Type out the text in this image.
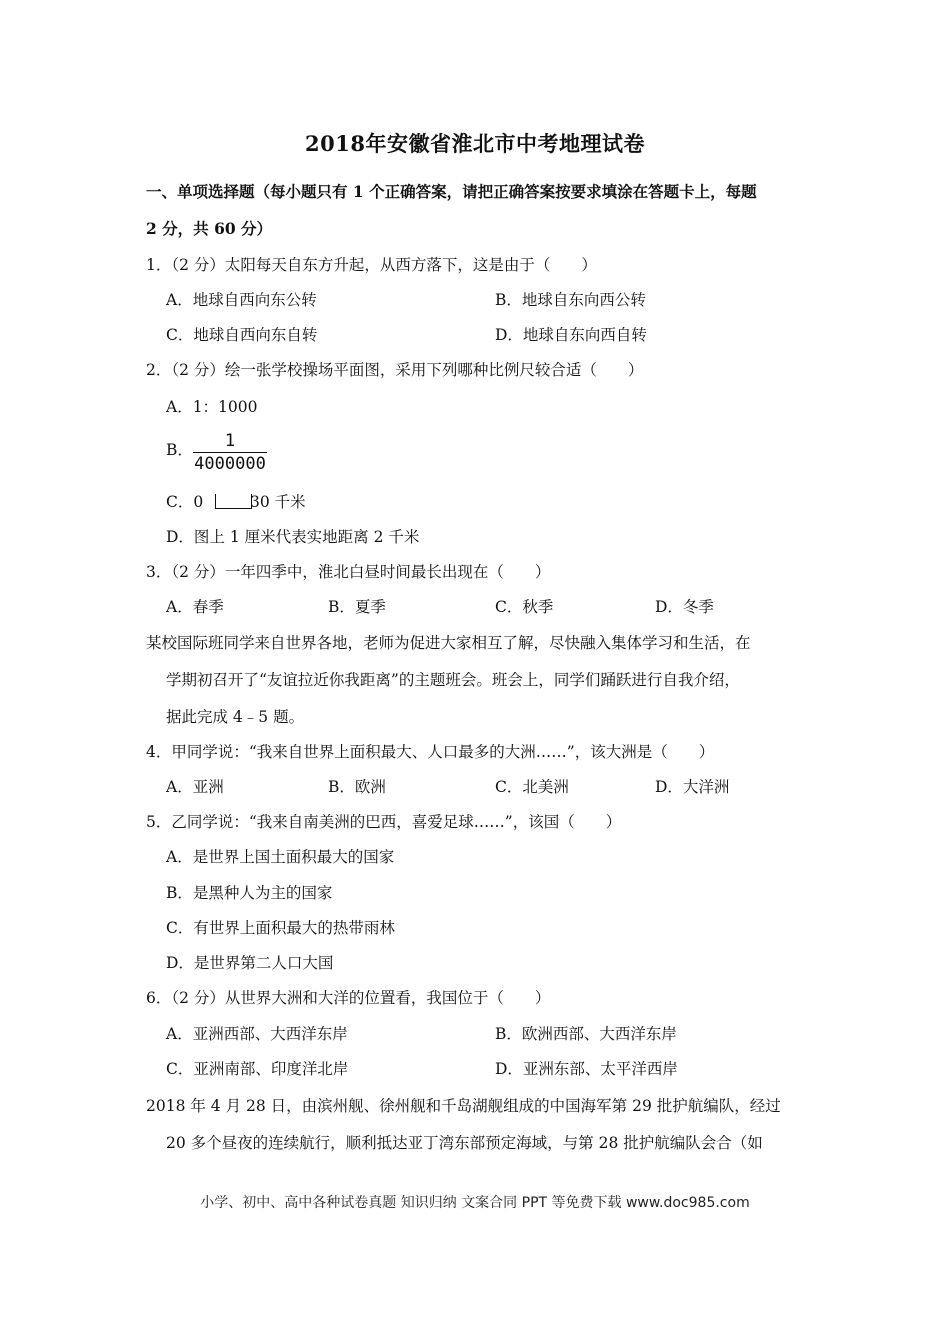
2018年安徽省淮北市中考地理试卷
一、单项选择题（每小题只有 1 个正确答案，请把正确答案按要求填涂在答题卡上，每题
2 分，共 60 分）
1．（2 分）太阳每天自东方升起，从西方落下，这是由于（　　）
A．地球自西向东公转	B．地球自东向西公转
C．地球自西向东自转	D．地球自东向西自转
2．（2 分）绘一张学校操场平面图，采用下列哪种比例尺较合适（　　）
A．1：1000
B．	1
4000000
C．0	30 千米
D．图上 1 厘米代表实地距离 2 千米
3．（2 分）一年四季中，淮北白昼时间最长出现在（　　）
A．春季	B．夏季	C．秋季	D．冬季
某校国际班同学来自世界各地，老师为促进大家相互了解，尽快融入集体学习和生活，在
学期初召开了“友谊拉近你我距离”的主题班会。班会上，同学们踊跃进行自我介绍，
据此完成 4﹣5 题。
4．甲同学说：“我来自世界上面积最大、人口最多的大洲……”，该大洲是（　　）
A．亚洲	B．欧洲	C．北美洲	D．大洋洲
5．乙同学说：“我来自南美洲的巴西，喜爱足球……”，该国（　　）
A．是世界上国土面积最大的国家
B．是黑种人为主的国家
C．有世界上面积最大的热带雨林
D．是世界第二人口大国
6．（2 分）从世界大洲和大洋的位置看，我国位于（　　）
A．亚洲西部、大西洋东岸	B．欧洲西部、大西洋东岸
C．亚洲南部、印度洋北岸	D．亚洲东部、太平洋西岸
2018 年 4 月 28 日，由滨州舰、徐州舰和千岛湖舰组成的中国海军第 29 批护航编队，经过
20 多个昼夜的连续航行，顺利抵达亚丁湾东部预定海域，与第 28 批护航编队会合（如
小学、初中、高中各种试卷真题 知识归纳 文案合同 PPT 等免费下载 www.doc985.com
